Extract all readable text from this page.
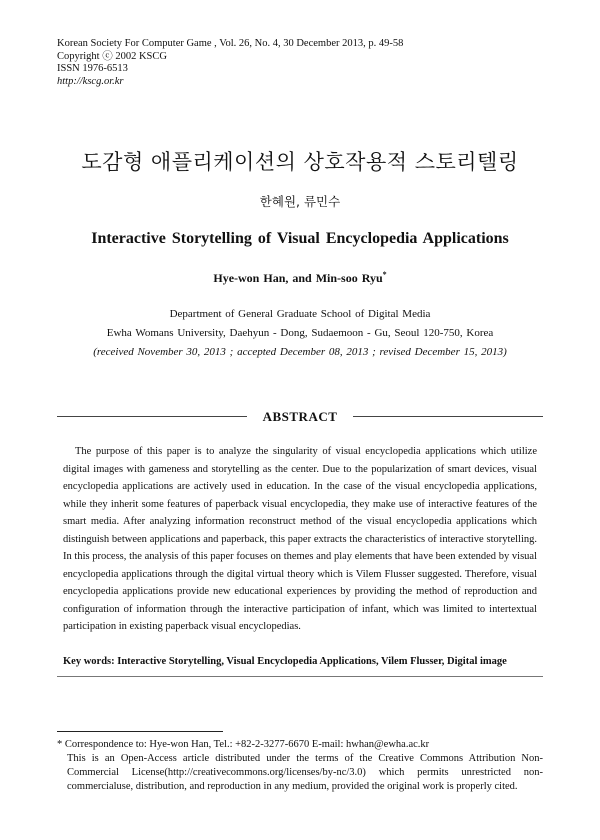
Korean Society For Computer Game , Vol. 26, No. 4, 30 December 2013, p. 49-58
Copyright ⓒ 2002 KSCG
ISSN 1976-6513
http://kscg.or.kr
도감형 애플리케이션의 상호작용적 스토리텔링
한혜원, 류민수
Interactive Storytelling of Visual Encyclopedia Applications
Hye-won Han, and Min-soo Ryu*
Department of General Graduate School of Digital Media
Ewha Womans University, Daehyun - Dong, Sudaemoon - Gu, Seoul 120-750, Korea
(received November 30, 2013 ; accepted December 08, 2013 ; revised December 15, 2013)
ABSTRACT

The purpose of this paper is to analyze the singularity of visual encyclopedia applications which utilize digital images with gameness and storytelling as the center. Due to the popularization of smart devices, visual encyclopedia applications are actively used in education. In the case of the visual encyclopedia applications, while they inherit some features of paperback visual encyclopedia, they make use of interactive features of the smart media. After analyzing information reconstruct method of the visual encyclopedia applications which distinguish between applications and paperback, this paper extracts the characteristics of interactive storytelling. In this process, the analysis of this paper focuses on themes and play elements that have been extended by visual encyclopedia applications through the digital virtual theory which is Vilem Flusser suggested. Therefore, visual encyclopedia applications provide new educational experiences by providing the method of reproduction and configuration of information through the interactive participation of infant, which was limited to intertextual participation in existing paperback visual encyclopedias.

Key words: Interactive Storytelling, Visual Encyclopedia Applications, Vilem Flusser, Digital image
* Correspondence to: Hye-won Han, Tel.: +82-2-3277-6670 E-mail: hwhan@ewha.ac.kr
This is an Open-Access article distributed under the terms of the Creative Commons Attribution Non-Commercial License(http://creativecommons.org/licenses/by-nc/3.0) which permits unrestricted non-commercialuse, distribution, and reproduction in any medium, provided the original work is properly cited.
